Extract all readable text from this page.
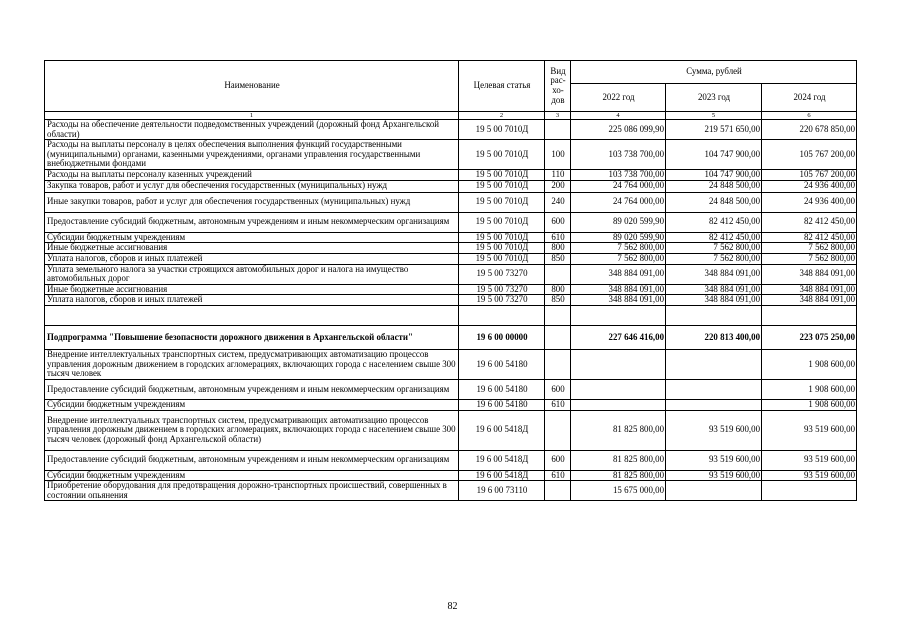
Наименование	Целевая статья	Вид рас-хо-дов	Сумма, рублей		
			2022 год	2023 год	2024 год
1	2	3	4	5	6
Расходы на обеспечение деятельности подведомственных учреждений (дорожный фонд Архангельской области)	19 5 00 7010Д		225 086 099,90	219 571 650,00	220 678 850,00
Расходы на выплаты персоналу в целях обеспечения выполнения функций государственными (муниципальными) органами, казенными учреждениями, органами управления государственными внебюджетными фондами	19 5 00 7010Д	100	103 738 700,00	104 747 900,00	105 767 200,00
Расходы на выплаты персоналу казенных учреждений	19 5 00 7010Д	110	103 738 700,00	104 747 900,00	105 767 200,00
Закупка товаров, работ и услуг для обеспечения государственных (муниципальных) нужд	19 5 00 7010Д	200	24 764 000,00	24 848 500,00	24 936 400,00
Иные закупки товаров, работ и услуг для обеспечения государственных (муниципальных) нужд	19 5 00 7010Д	240	24 764 000,00	24 848 500,00	24 936 400,00
Предоставление субсидий бюджетным, автономным учреждениям и иным некоммерческим организациям	19 5 00 7010Д	600	89 020 599,90	82 412 450,00	82 412 450,00
Субсидии бюджетным учреждениям	19 5 00 7010Д	610	89 020 599,90	82 412 450,00	82 412 450,00
Иные бюджетные ассигнования	19 5 00 7010Д	800	7 562 800,00	7 562 800,00	7 562 800,00
Уплата налогов, сборов и иных платежей	19 5 00 7010Д	850	7 562 800,00	7 562 800,00	7 562 800,00
Уплата земельного налога за участки строящихся автомобильных дорог и налога на имущество автомобильных дорог	19 5 00 73270		348 884 091,00	348 884 091,00	348 884 091,00
Иные бюджетные ассигнования	19 5 00 73270	800	348 884 091,00	348 884 091,00	348 884 091,00
Уплата налогов, сборов и иных платежей	19 5 00 73270	850	348 884 091,00	348 884 091,00	348 884 091,00

Подпрограмма "Повышение безопасности дорожного движения в Архангельской области"	19 6 00 00000		227 646 416,00	220 813 400,00	223 075 250,00
Внедрение интеллектуальных транспортных систем, предусматривающих автоматизацию процессов управления дорожным движением в городских агломерациях, включающих города с населением свыше 300 тысяч человек	19 6 00 54180				1 908 600,00
Предоставление субсидий бюджетным, автономным учреждениям и иным некоммерческим организациям	19 6 00 54180	600			1 908 600,00
Субсидии бюджетным учреждениям	19 6 00 54180	610			1 908 600,00
Внедрение интеллектуальных транспортных систем, предусматривающих автоматизацию процессов управления дорожным движением в городских агломерациях, включающих города с населением свыше 300 тысяч человек (дорожный фонд Архангельской области)	19 6 00 5418Д		81 825 800,00	93 519 600,00	93 519 600,00
Предоставление субсидий бюджетным, автономным учреждениям и иным некоммерческим организациям	19 6 00 5418Д	600	81 825 800,00	93 519 600,00	93 519 600,00
Субсидии бюджетным учреждениям	19 6 00 5418Д	610	81 825 800,00	93 519 600,00	93 519 600,00
Приобретение оборудования для предотвращения дорожно-транспортных происшествий, совершенных в состоянии опьянения	19 6 00 73110		15 675 000,00		
82
